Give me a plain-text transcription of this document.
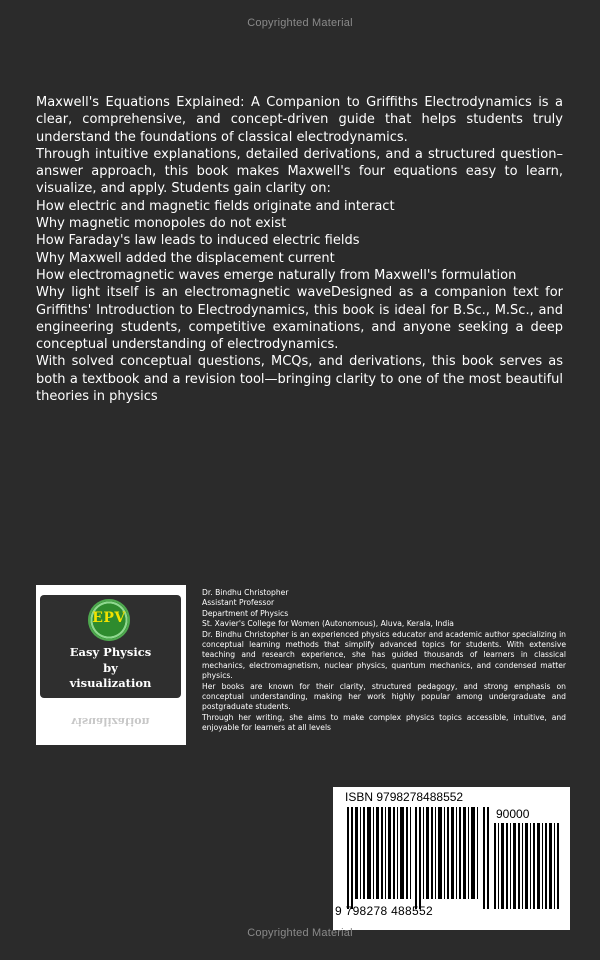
Copyrighted Material

Maxwell's Equations Explained: A Companion to Griffiths Electrodynamics is a clear, comprehensive, and concept-driven guide that helps students truly understand the foundations of classical electrodynamics.

Through intuitive explanations, detailed derivations, and a structured question–answer approach, this book makes Maxwell's four equations easy to learn, visualize, and apply. Students gain clarity on:

How electric and magnetic fields originate and interact

Why magnetic monopoles do not exist

How Faraday's law leads to induced electric fields

Why Maxwell added the displacement current

How electromagnetic waves emerge naturally from Maxwell's formulation

Why light itself is an electromagnetic waveDesigned as a companion text for Griffiths' Introduction to Electrodynamics, this book is ideal for B.Sc., M.Sc., and engineering students, competitive examinations, and anyone seeking a deep conceptual understanding of electrodynamics.

With solved conceptual questions, MCQs, and derivations, this book serves as both a textbook and a revision tool—bringing clarity to one of the most beautiful theories in physics

EPV
Easy Physics
by
visualization
visualization

Dr. Bindhu Christopher

Assistant Professor

Department of Physics

St. Xavier's College for Women (Autonomous), Aluva, Kerala, India

Dr. Bindhu Christopher is an experienced physics educator and academic author specializing in conceptual learning methods that simplify advanced topics for students. With extensive teaching and research experience, she has guided thousands of learners in classical mechanics, electromagnetism, nuclear physics, quantum mechanics, and condensed matter physics.

Her books are known for their clarity, structured pedagogy, and strong emphasis on conceptual understanding, making her work highly popular among undergraduate and postgraduate students.

Through her writing, she aims to make complex physics topics accessible, intuitive, and enjoyable for learners at all levels

ISBN 9798278488552
90000
9 798278 488552
Copyrighted Material
